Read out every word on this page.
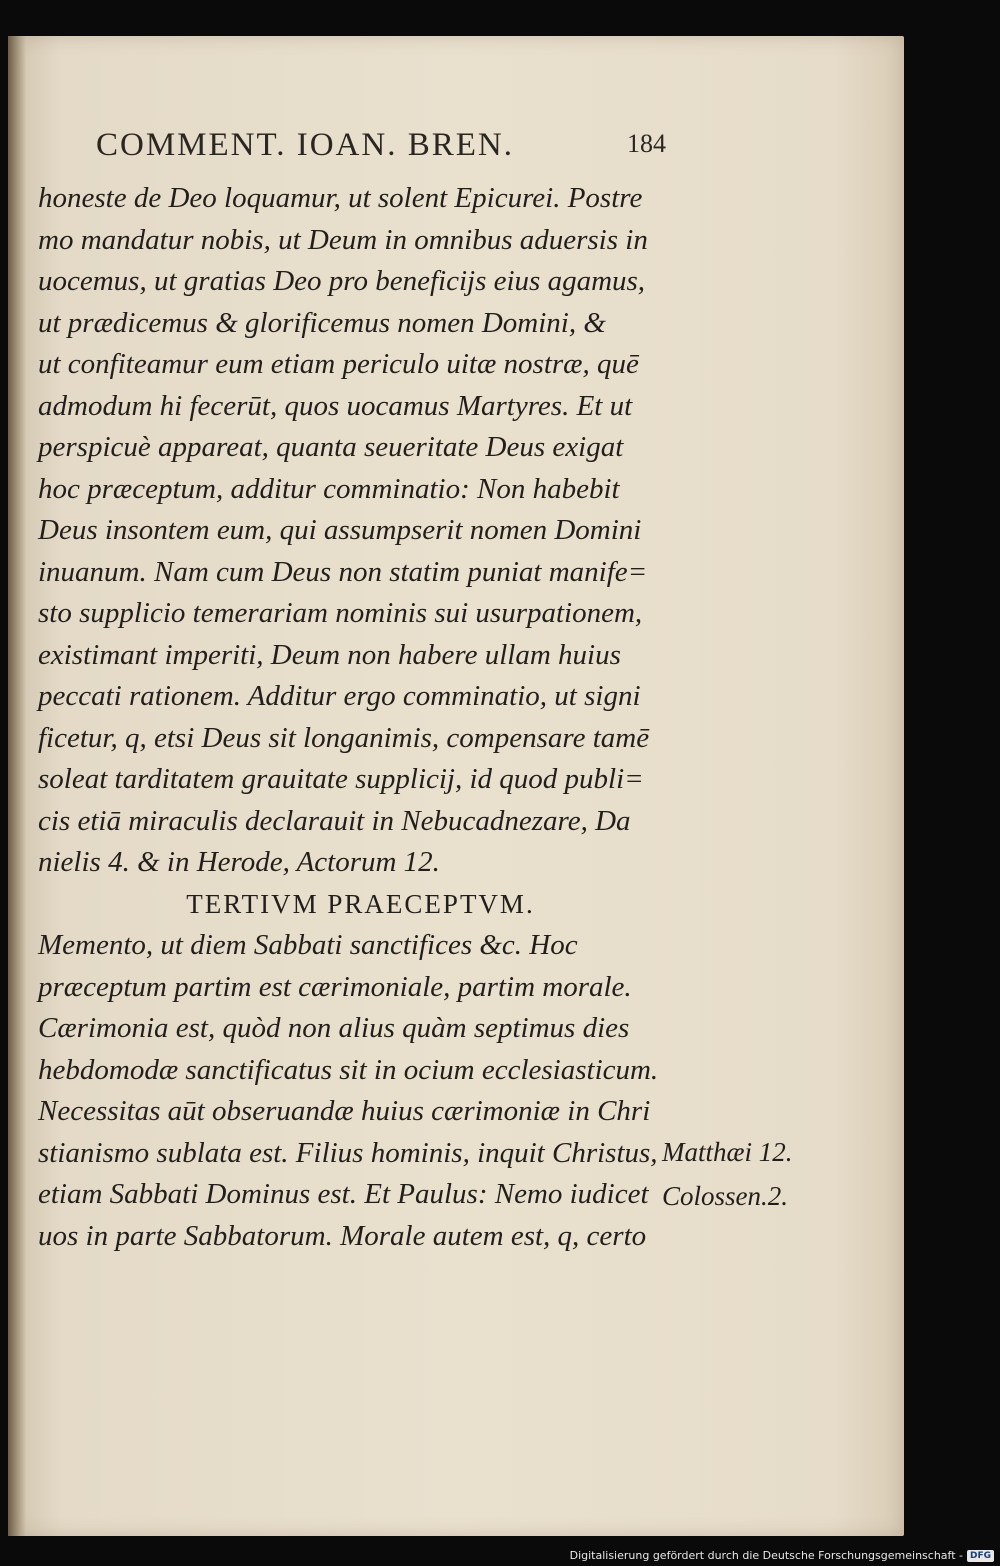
COMMENT. IOAN. BREN.	184
honeste de Deo loquamur, ut solent Epicurei. Postre
mo mandatur nobis, ut Deum in omnibus aduersis in
uocemus, ut gratias Deo pro beneficijs eius agamus,
ut prædicemus & glorificemus nomen Domini, &
ut confiteamur eum etiam periculo uitæ nostræ, quē
admodum hi fecerūt, quos uocamus Martyres. Et ut
perspicuè appareat, quanta seueritate Deus exigat
hoc præceptum, additur comminatio: Non habebit
Deus insontem eum, qui assumpserit nomen Domini
inuanum. Nam cum Deus non statim puniat manife=
sto supplicio temerariam nominis sui usurpationem,
existimant imperiti, Deum non habere ullam huius
peccati rationem. Additur ergo comminatio, ut signi
ficetur, q, etsi Deus sit longanimis, compensare tamē
soleat tarditatem grauitate supplicij, id quod publi=
cis etiā miraculis declarauit in Nebucadnezare, Da
nielis 4. & in Herode, Actorum 12.
TERTIVM PRAECEPTVM.
Memento, ut diem Sabbati sanctifices &c. Hoc
præceptum partim est cærimoniale, partim morale.
Cærimonia est, quòd non alius quàm septimus dies
hebdomodæ sanctificatus sit in ocium ecclesiasticum.
Necessitas aūt obseruandæ huius cærimoniæ in Chri
stianismo sublata est. Filius hominis, inquit Christus,
etiam Sabbati Dominus est. Et Paulus: Nemo iudicet
uos in parte Sabbatorum. Morale autem est, q, certo
Matthæi 12.
Colossen.2.
Digitalisierung gefördert durch die Deutsche Forschungsgemeinschaft - DFG
